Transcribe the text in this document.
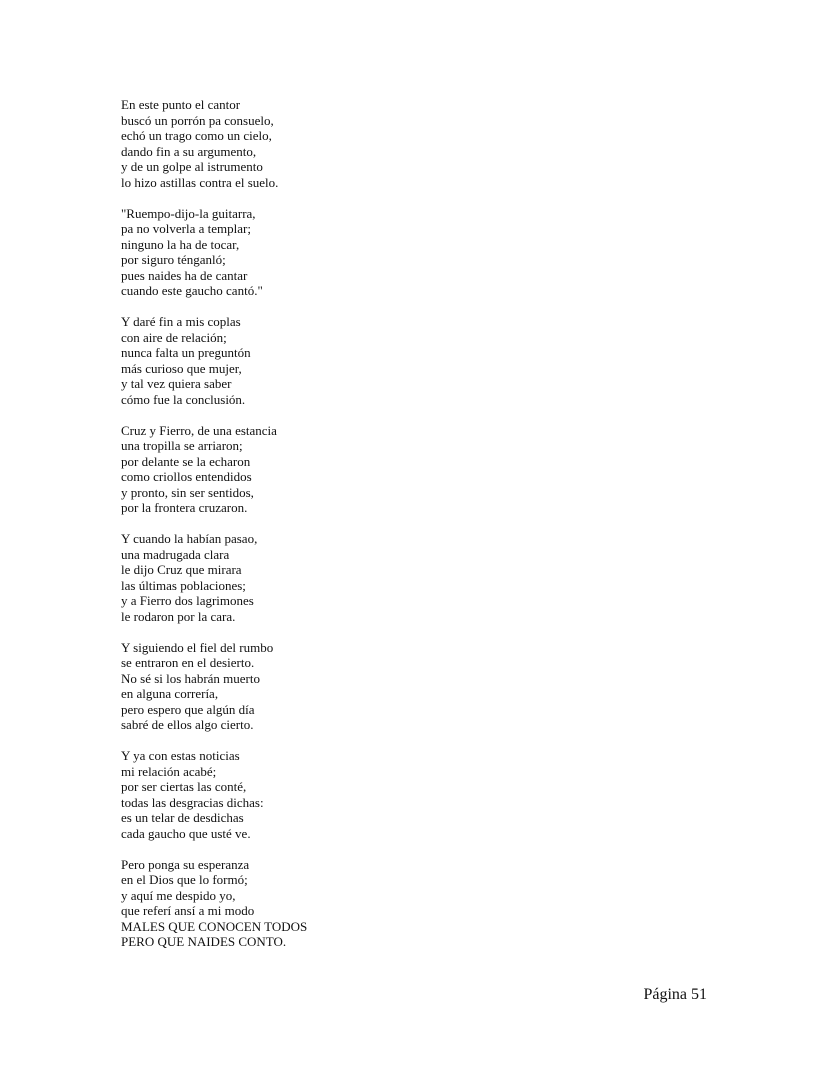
En este punto el cantor
buscó un porrón pa consuelo,
echó un trago como un cielo,
dando fin a su argumento,
y de un golpe al istrumento
lo hizo astillas contra el suelo.
"Ruempo-dijo-la guitarra,
pa no volverla a templar;
ninguno la ha de tocar,
por siguro ténganló;
pues naides ha de cantar
cuando este gaucho cantó."
Y daré fin a mis coplas
con aire de relación;
nunca falta un preguntón
más curioso que mujer,
y tal vez quiera saber
cómo fue la conclusión.
Cruz y Fierro, de una estancia
una tropilla se arriaron;
por delante se la echaron
como criollos entendidos
y pronto, sin ser sentidos,
por la frontera cruzaron.
Y cuando la habían pasao,
una madrugada clara
le dijo Cruz que mirara
las últimas poblaciones;
y a Fierro dos lagrimones
le rodaron por la cara.
Y siguiendo el fiel del rumbo
se entraron en el desierto.
No sé si los habrán muerto
en alguna correría,
pero espero que algún día
sabré de ellos algo cierto.
Y ya con estas noticias
mi relación acabé;
por ser ciertas las conté,
todas las desgracias dichas:
es un telar de desdichas
cada gaucho que usté ve.
Pero ponga su esperanza
en el Dios que lo formó;
y aquí me despido yo,
que referí ansí a mi modo
MALES QUE CONOCEN TODOS
PERO QUE NAIDES CONTO.
Página 51
